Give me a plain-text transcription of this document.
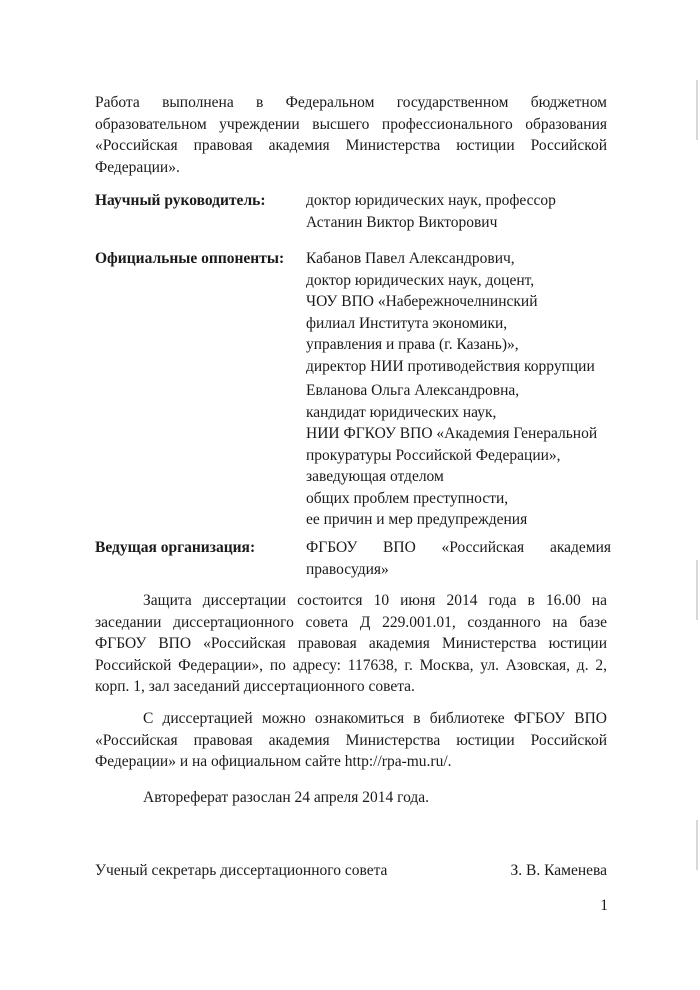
Работа выполнена в Федеральном государственном бюджетном образовательном учреждении высшего профессионального образования «Российская правовая академия Министерства юстиции Российской Федерации».

Научный руководитель:	доктор юридических наук, профессор
Астанин Виктор Викторович
Официальные оппоненты: Кабанов Павел Александрович,
доктор юридических наук, доцент,
ЧОУ ВПО «Набережночелнинский
филиал Института экономики,
управления и права (г. Казань)»,
директор НИИ противодействия коррупции
Евланова Ольга Александровна,
кандидат юридических наук,
НИИ ФГКОУ ВПО «Академия Генеральной
прокуратуры Российской Федерации»,
заведующая отделом
общих проблем преступности,
ее причин и мер предупреждения
Ведущая организация:	ФГБОУ ВПО «Российская академия правосудия»

Защита диссертации состоится 10 июня 2014 года в 16.00 на заседании диссертационного совета Д 229.001.01, созданного на базе ФГБОУ ВПО «Российская правовая академия Министерства юстиции Российской Федерации», по адресу: 117638, г. Москва, ул. Азовская, д. 2, корп. 1, зал заседаний диссертационного совета.

С диссертацией можно ознакомиться в библиотеке ФГБОУ ВПО «Российская правовая академия Министерства юстиции Российской Федерации» и на официальном сайте http://rpa-mu.ru/.

Автореферат разослан 24 апреля 2014 года.

Ученый секретарь диссертационного совета	З. В. Каменева
1
